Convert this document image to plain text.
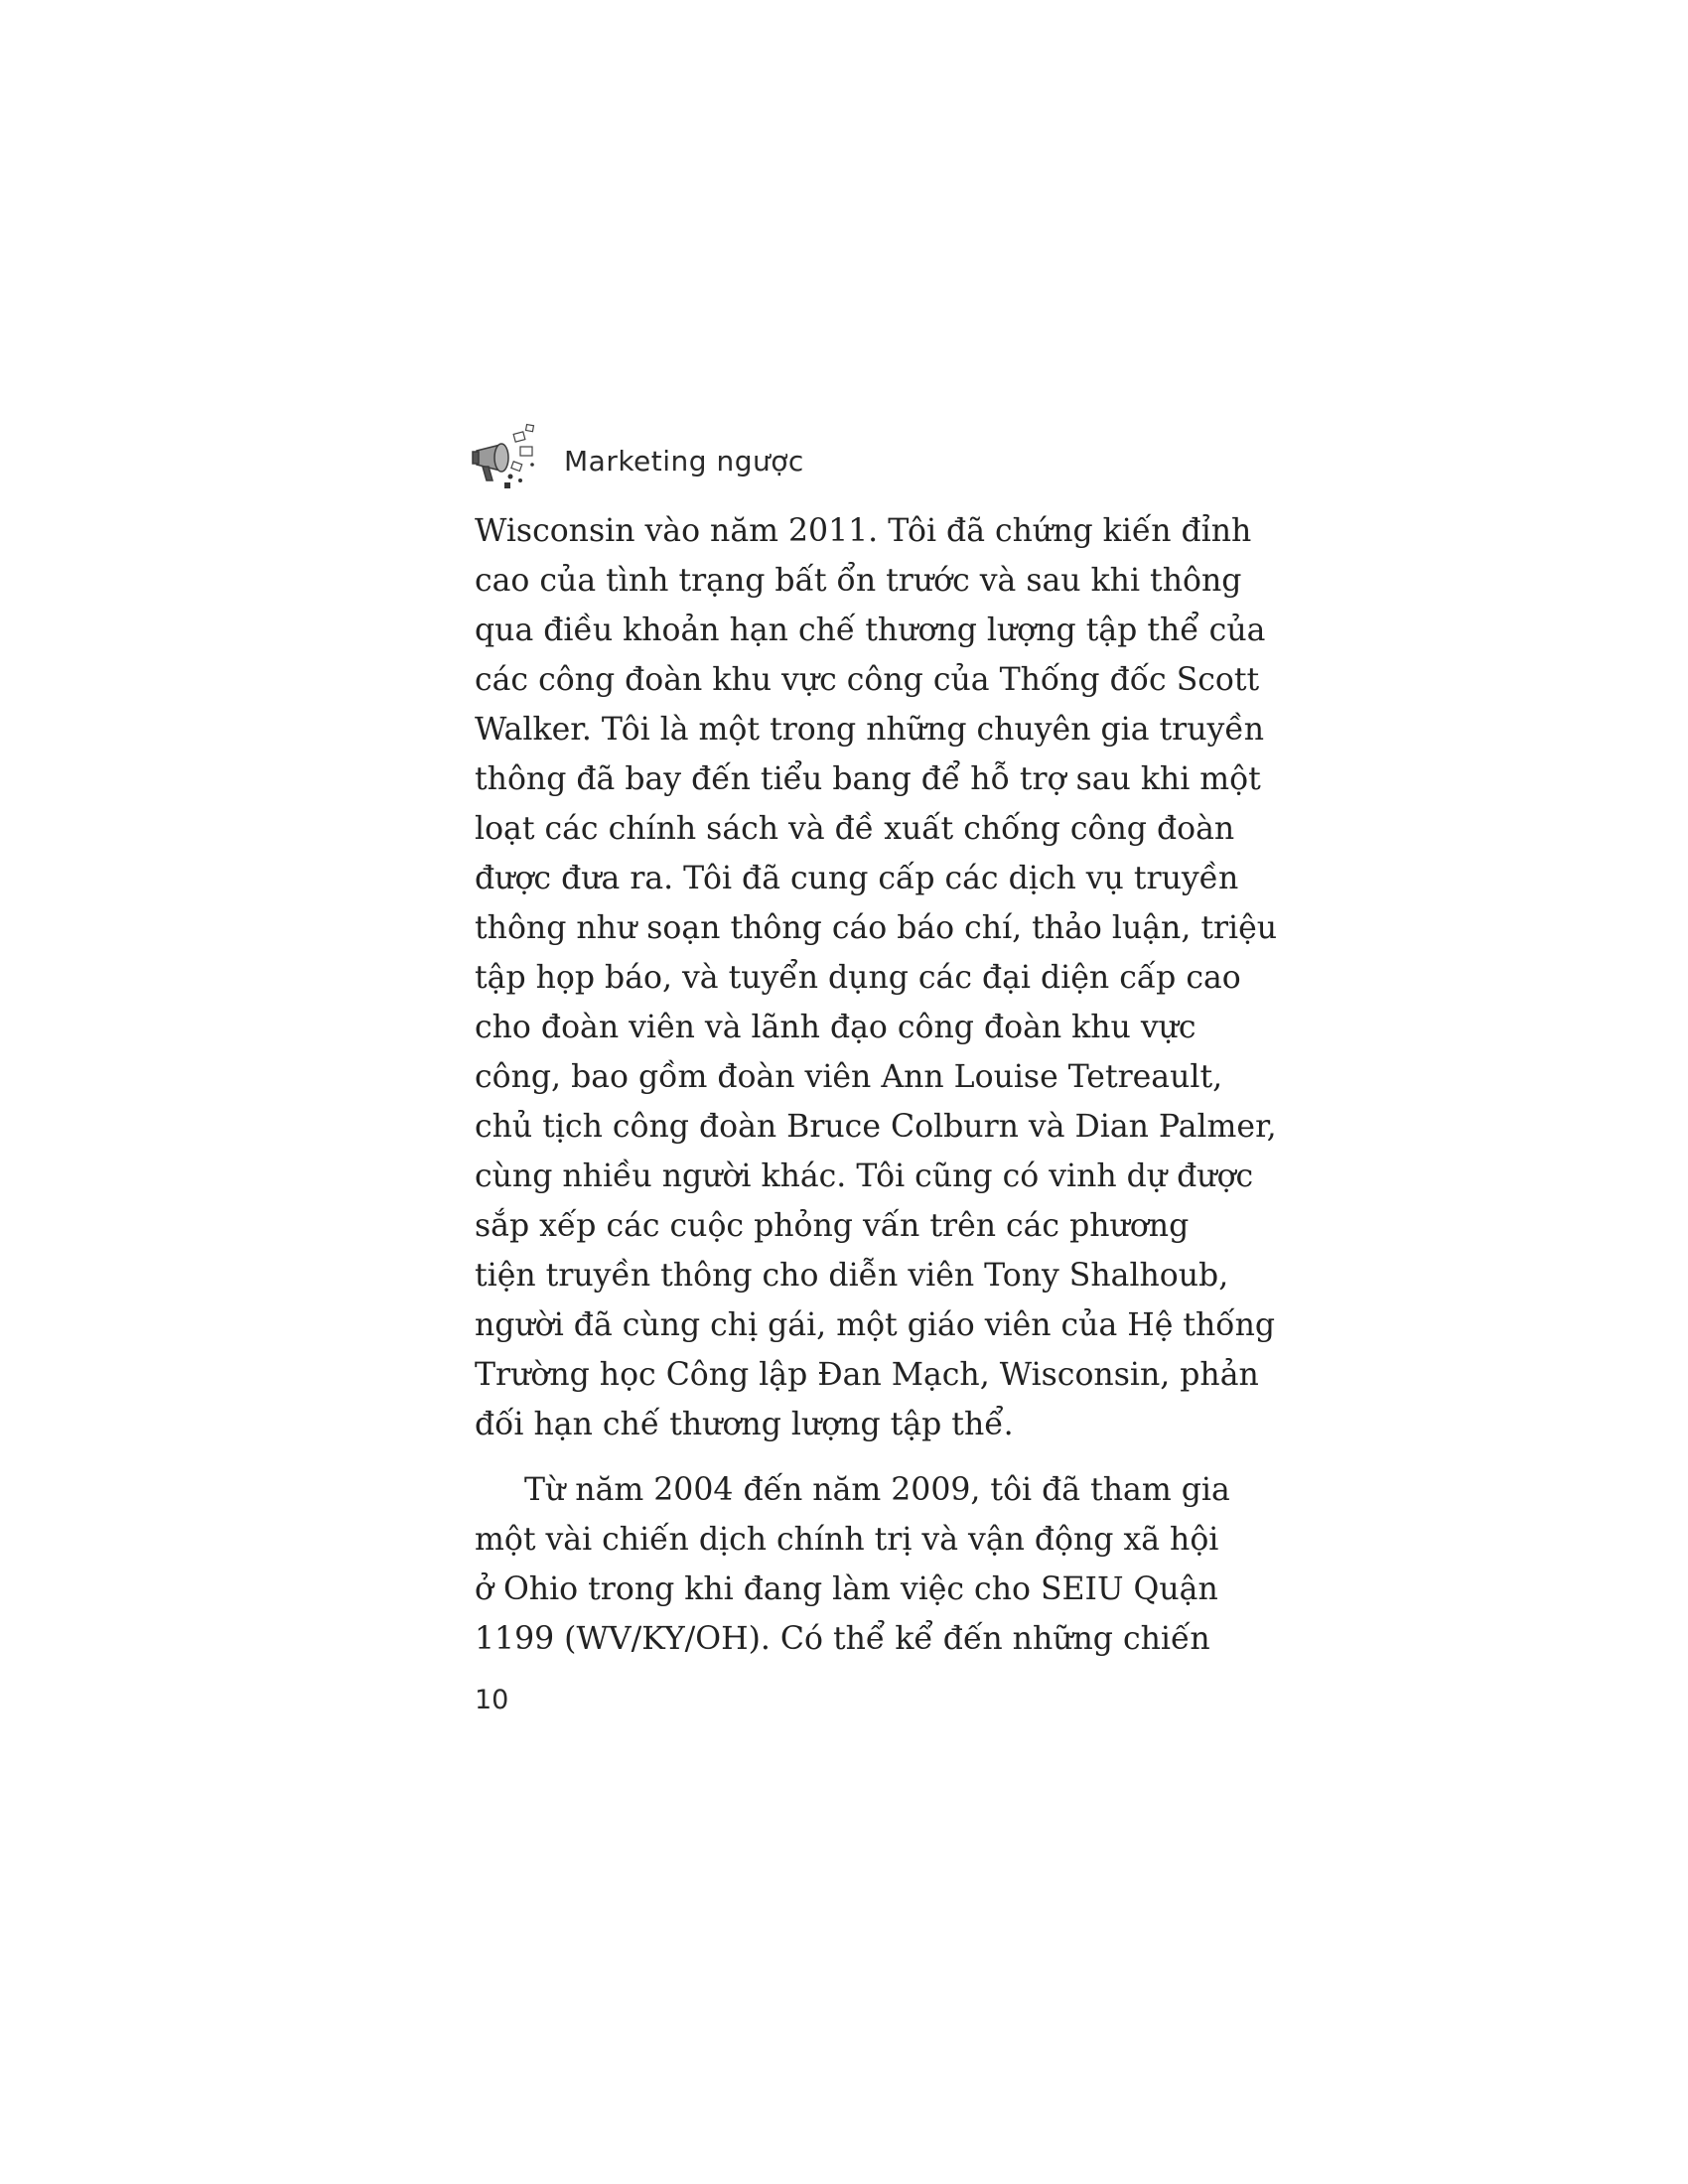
Marketing ngược

Wisconsin vào năm 2011. Tôi đã chứng kiến đỉnh
cao của tình trạng bất ổn trước và sau khi thông
qua điều khoản hạn chế thương lượng tập thể của
các công đoàn khu vực công của Thống đốc Scott
Walker. Tôi là một trong những chuyên gia truyền
thông đã bay đến tiểu bang để hỗ trợ sau khi một
loạt các chính sách và đề xuất chống công đoàn
được đưa ra. Tôi đã cung cấp các dịch vụ truyền
thông như soạn thông cáo báo chí, thảo luận, triệu
tập họp báo, và tuyển dụng các đại diện cấp cao
cho đoàn viên và lãnh đạo công đoàn khu vực
công, bao gồm đoàn viên Ann Louise Tetreault,
chủ tịch công đoàn Bruce Colburn và Dian Palmer,
cùng nhiều người khác. Tôi cũng có vinh dự được
sắp xếp các cuộc phỏng vấn trên các phương
tiện truyền thông cho diễn viên Tony Shalhoub,
người đã cùng chị gái, một giáo viên của Hệ thống
Trường học Công lập Đan Mạch, Wisconsin, phản
đối hạn chế thương lượng tập thể.

Từ năm 2004 đến năm 2009, tôi đã tham gia
một vài chiến dịch chính trị và vận động xã hội
ở Ohio trong khi đang làm việc cho SEIU Quận
1199 (WV/KY/OH). Có thể kể đến những chiến

10
